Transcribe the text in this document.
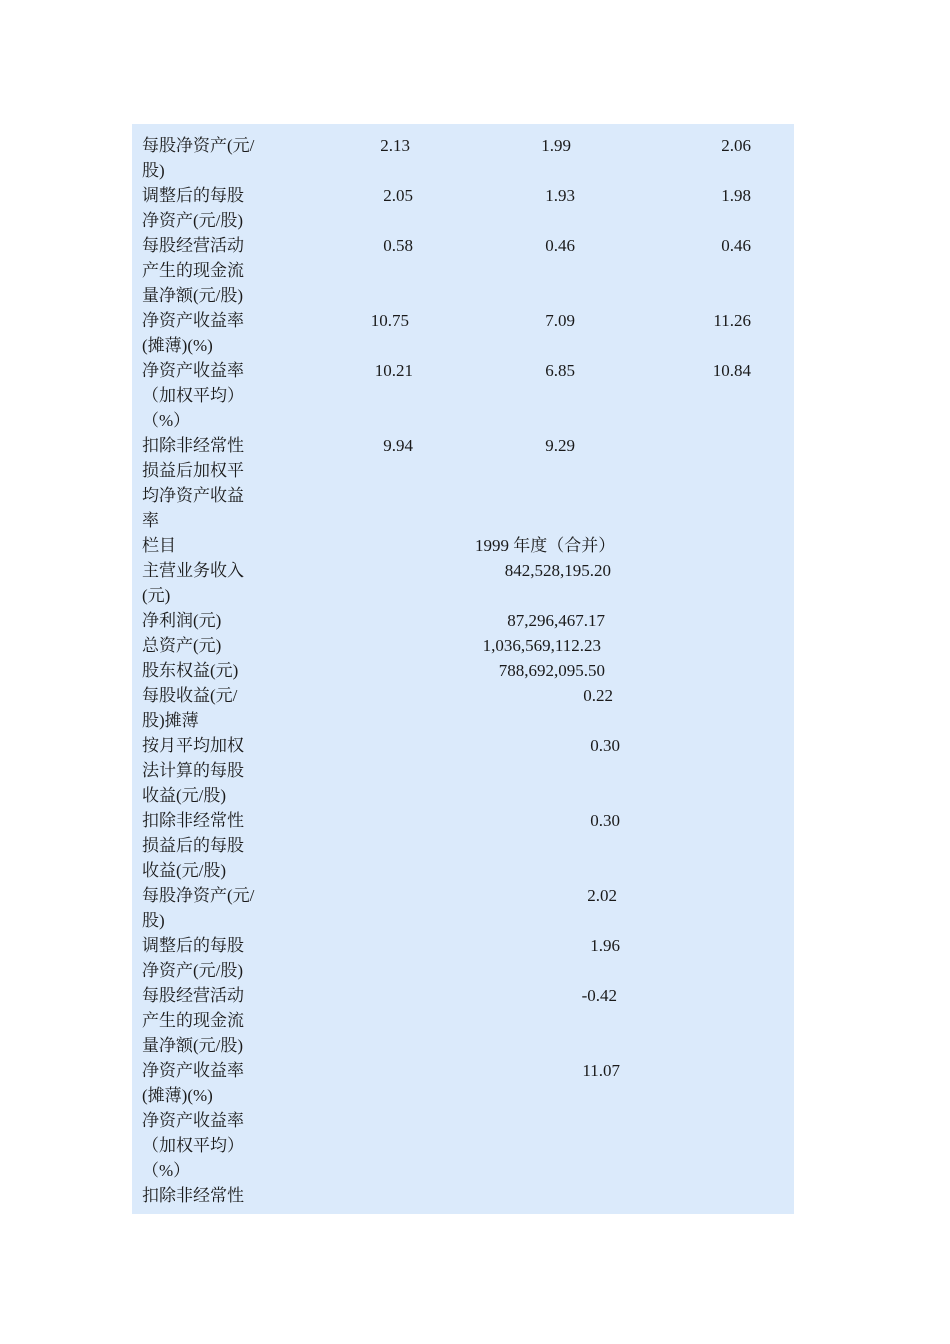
每股净资产(元/股)
2.13	1.99	2.06
调整后的每股净资产(元/股)
2.05	1.93	1.98
每股经营活动产生的现金流量净额(元/股)
0.58	0.46	0.46
净资产收益率(摊薄)(%)
10.75	7.09	11.26
净资产收益率（加权平均）（%）
10.21	6.85	10.84
扣除非经常性损益后加权平均净资产收益率
9.94	9.29
栏目	1999 年度（合并）
主营业务收入(元)
842,528,195.20
净利润(元)	87,296,467.17
总资产(元)	1,036,569,112.23
股东权益(元)	788,692,095.50
每股收益(元/股)摊薄
0.22
按月平均加权法计算的每股收益(元/股)
0.30
扣除非经常性损益后的每股收益(元/股)
0.30
每股净资产(元/股)
2.02
调整后的每股净资产(元/股)
1.96
每股经营活动产生的现金流量净额(元/股)
-0.42
净资产收益率(摊薄)(%)
11.07
净资产收益率（加权平均）（%）
扣除非经常性
